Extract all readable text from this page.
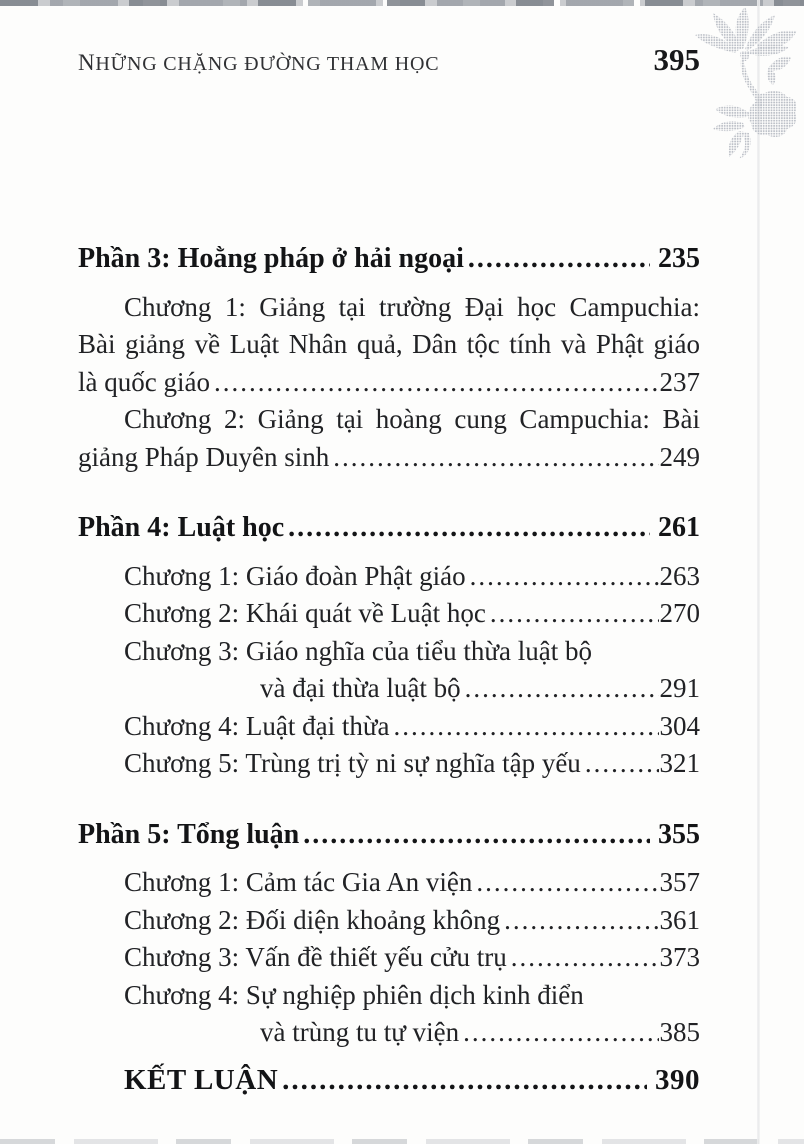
NHỮNG CHẶNG ĐƯỜNG THAM HỌC	395
Phần 3: Hoằng pháp ở hải ngoại .....	235
Chương 1: Giảng tại trường Đại học Campuchia:
Bài giảng về Luật Nhân quả, Dân tộc tính và Phật giáo
là quốc giáo .....	237
Chương 2: Giảng tại hoàng cung Campuchia: Bài
giảng Pháp Duyên sinh .....	249
Phần 4: Luật học .....	261
Chương 1: Giáo đoàn Phật giáo .....	263
Chương 2: Khái quát về Luật học .....	270
Chương 3: Giáo nghĩa của tiểu thừa luật bộ
và đại thừa luật bộ .....	291
Chương 4: Luật đại thừa .....	304
Chương 5: Trùng trị tỳ ni sự nghĩa tập yếu .....	321
Phần 5: Tổng luận .....	355
Chương 1: Cảm tác Gia An viện .....	357
Chương 2: Đối diện khoảng không .....	361
Chương 3: Vấn đề thiết yếu cửu trụ .....	373
Chương 4: Sự nghiệp phiên dịch kinh điển
và trùng tu tự viện .....	385
KẾT LUẬN .....	390
